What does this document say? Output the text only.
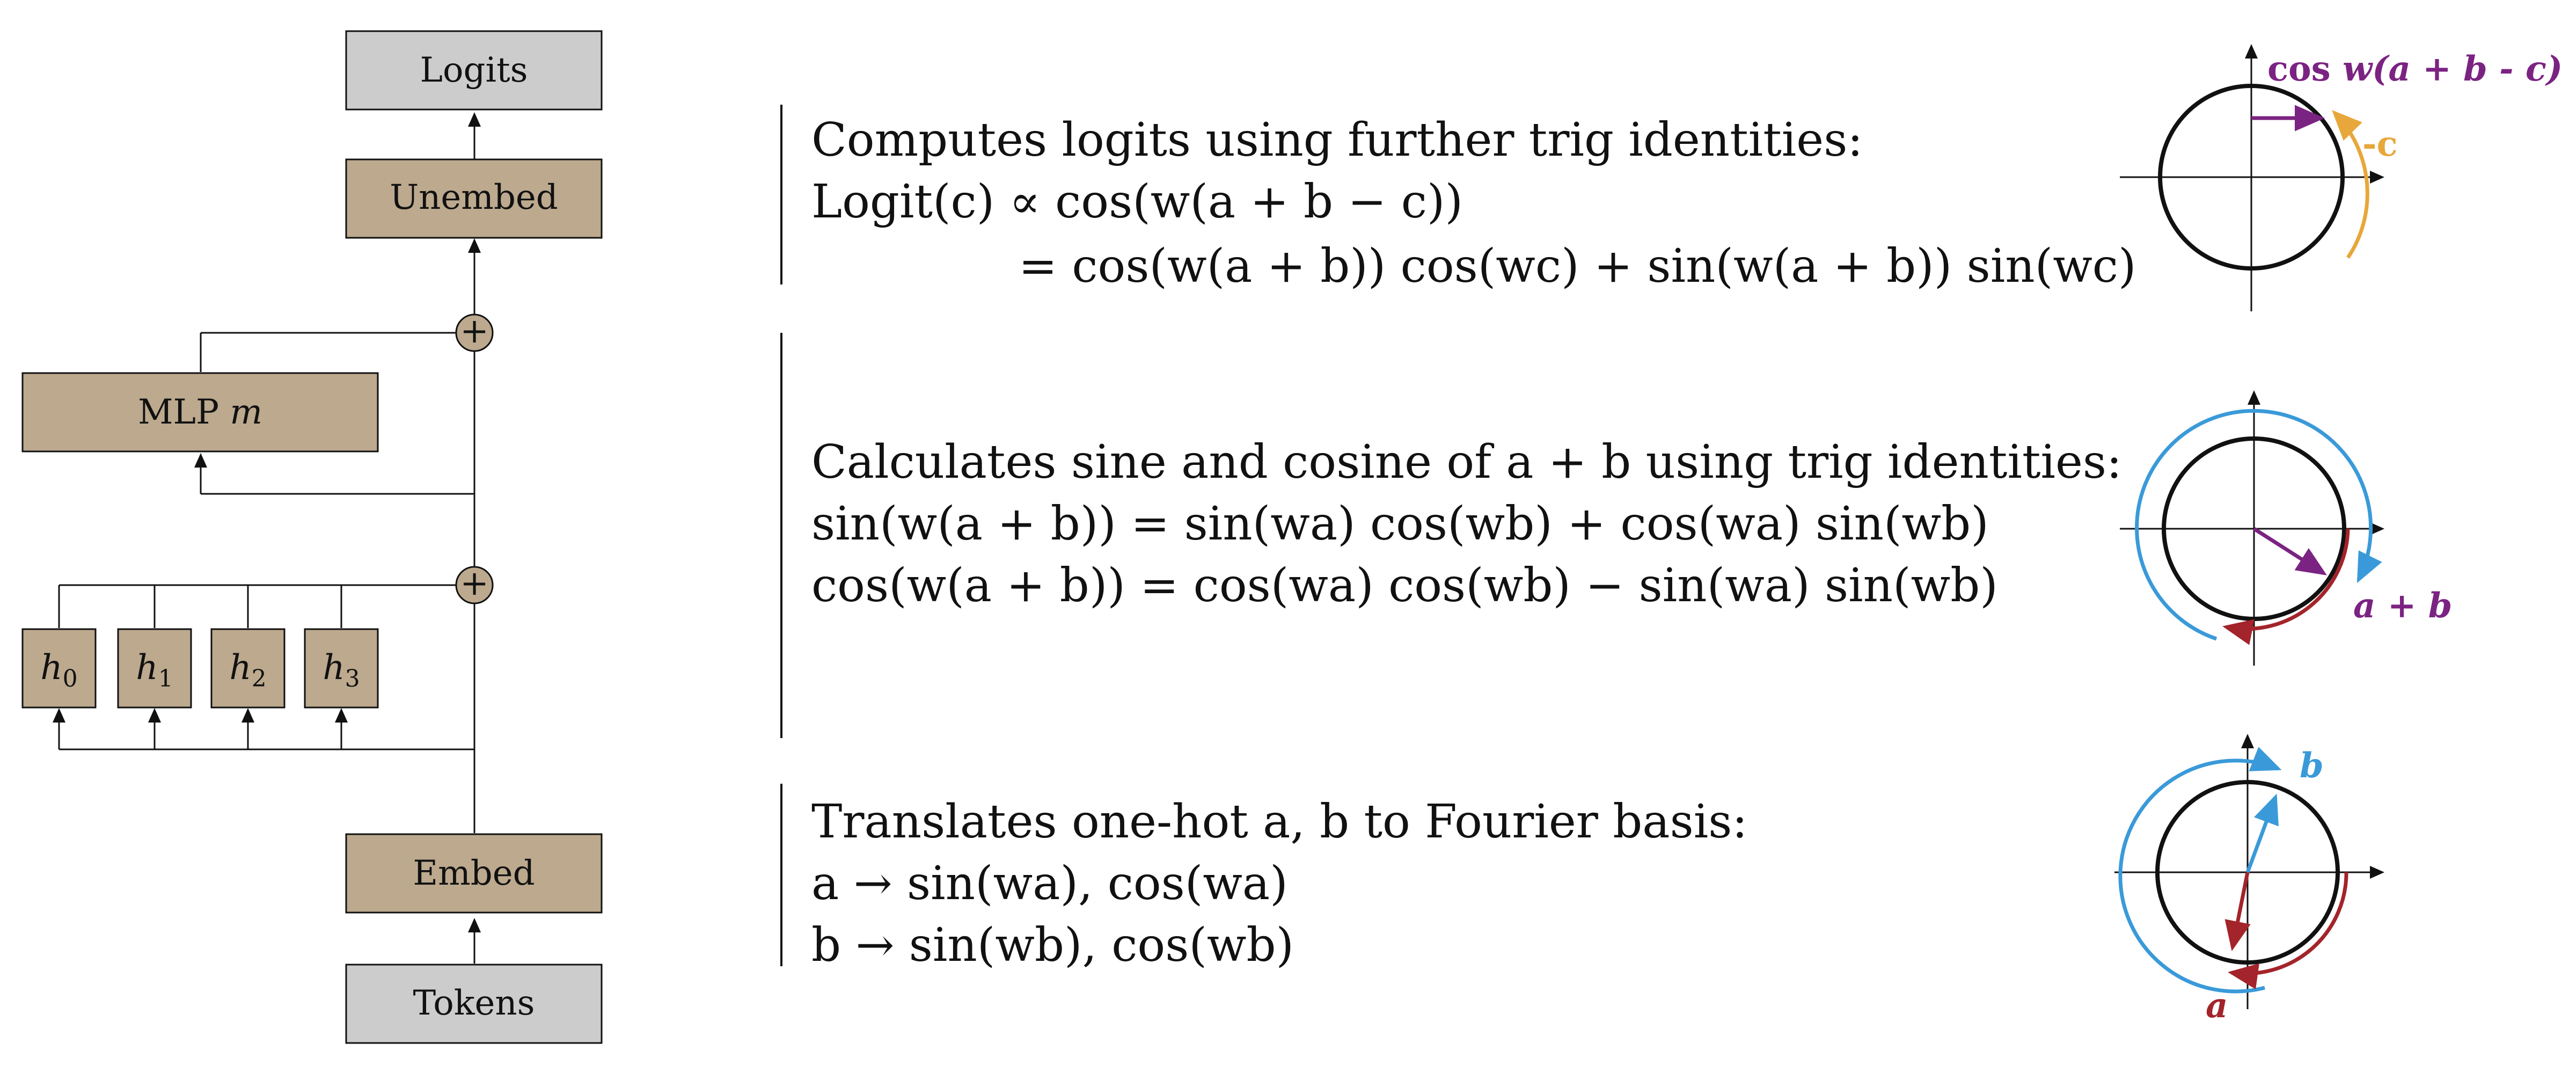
+
+
Logits
Unembed
MLP m
$h_0$ $h_1$ $h_2$ $h_3$
Embed
Tokens
Computes logits using further trig identities:
Logit(c) ∝ cos(w(a + b − c))
= cos(w(a + b)) cos(wc) + sin(w(a + b)) sin(wc)
Calculates sine and cosine of a + b using trig identities:
sin(w(a + b)) = sin(wa) cos(wb) + cos(wa) sin(wb)
cos(w(a + b)) = cos(wa) cos(wb) − sin(wa) sin(wb)
Translates one-hot a, b to Fourier basis:
a → sin(wa), cos(wa)
b → sin(wb), cos(wb)
cos w(a + b - c)
-c
a + b
b
a
